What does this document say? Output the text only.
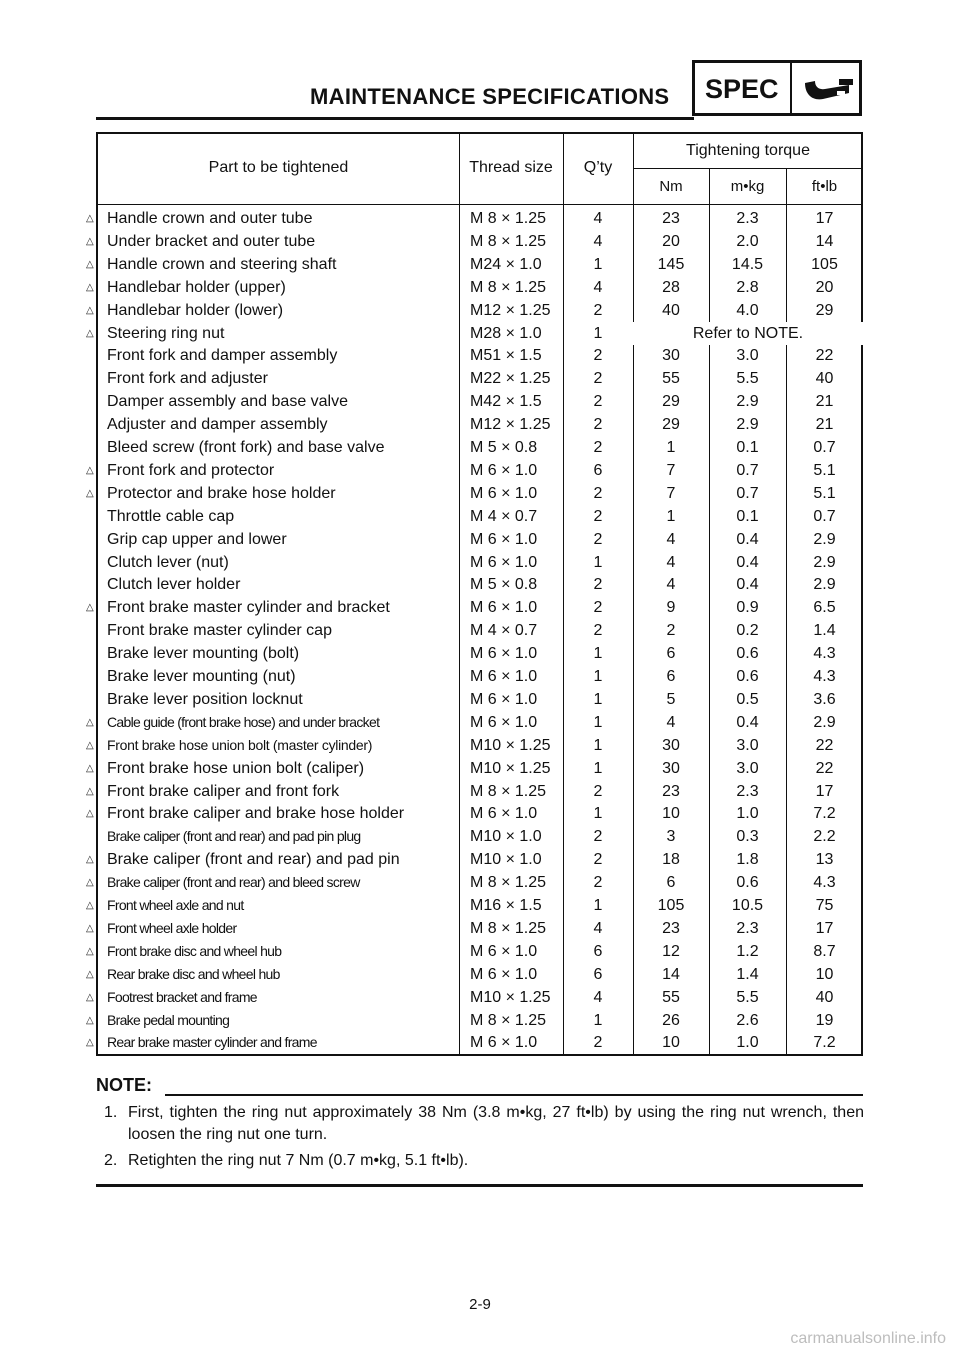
MAINTENANCE SPECIFICATIONS SPEC
Part to be tightened	Thread size	Q’ty
Tightening torque
Nm	m•kg	ft•lb
Handle crown and outer tube	M 8 × 1.25	4	23	2.3	17
Under bracket and outer tube	M 8 × 1.25	4	20	2.0	14
Handle crown and steering shaft	M24 × 1.0	1	145	14.5	105
Handlebar holder (upper)	M 8 × 1.25	4	28	2.8	20
Handlebar holder (lower)	M12 × 1.25	2	40	4.0	29
Steering ring nut	M28 × 1.0	1	Refer to NOTE.
Front fork and damper assembly	M51 × 1.5	2	30	3.0	22
Front fork and adjuster	M22 × 1.25	2	55	5.5	40
Damper assembly and base valve	M42 × 1.5	2	29	2.9	21
Adjuster and damper assembly	M12 × 1.25	2	29	2.9	21
Bleed screw (front fork) and base valve	M 5 × 0.8	2	1	0.1	0.7
Front fork and protector	M 6 × 1.0	6	7	0.7	5.1
Protector and brake hose holder	M 6 × 1.0	2	7	0.7	5.1
Throttle cable cap	M 4 × 0.7	2	1	0.1	0.7
Grip cap upper and lower	M 6 × 1.0	2	4	0.4	2.9
Clutch lever (nut)	M 6 × 1.0	1	4	0.4	2.9
Clutch lever holder	M 5 × 0.8	2	4	0.4	2.9
Front brake master cylinder and bracket	M 6 × 1.0	2	9	0.9	6.5
Front brake master cylinder cap	M 4 × 0.7	2	2	0.2	1.4
Brake lever mounting (bolt)	M 6 × 1.0	1	6	0.6	4.3
Brake lever mounting (nut)	M 6 × 1.0	1	6	0.6	4.3
Brake lever position locknut	M 6 × 1.0	1	5	0.5	3.6
Cable guide (front brake hose) and under bracket	M 6 × 1.0	1	4	0.4	2.9
Front brake hose union bolt (master cylinder)	M10 × 1.25	1	30	3.0	22
Front brake hose union bolt (caliper)	M10 × 1.25	1	30	3.0	22
Front brake caliper and front fork	M 8 × 1.25	2	23	2.3	17
Front brake caliper and brake hose holder	M 6 × 1.0	1	10	1.0	7.2
Brake caliper (front and rear) and pad pin plug	M10 × 1.0	2	3	0.3	2.2
Brake caliper (front and rear) and pad pin	M10 × 1.0	2	18	1.8	13
Brake caliper (front and rear) and bleed screw	M 8 × 1.25	2	6	0.6	4.3
Front wheel axle and nut	M16 × 1.5	1	105	10.5	75
Front wheel axle holder	M 8 × 1.25	4	23	2.3	17
Front brake disc and wheel hub	M 6 × 1.0	6	12	1.2	8.7
Rear brake disc and wheel hub	M 6 × 1.0	6	14	1.4	10
Footrest bracket and frame	M10 × 1.25	4	55	5.5	40
Brake pedal mounting	M 8 × 1.25	1	26	2.6	19
Rear brake master cylinder and frame	M 6 × 1.0	2	10	1.0	7.2
△
△
△
△
△
△
△
△
△
△
△
△
△
△
△
△
△
△
△
△
△
△
△
NOTE:
1. First, tighten the ring nut approximately 38 Nm (3.8 m•kg, 27 ft•lb) by using the ring nut wrench, then loosen the ring nut one turn.
2. Retighten the ring nut 7 Nm (0.7 m•kg, 5.1 ft•lb).
2-9
carmanualsonline.info
